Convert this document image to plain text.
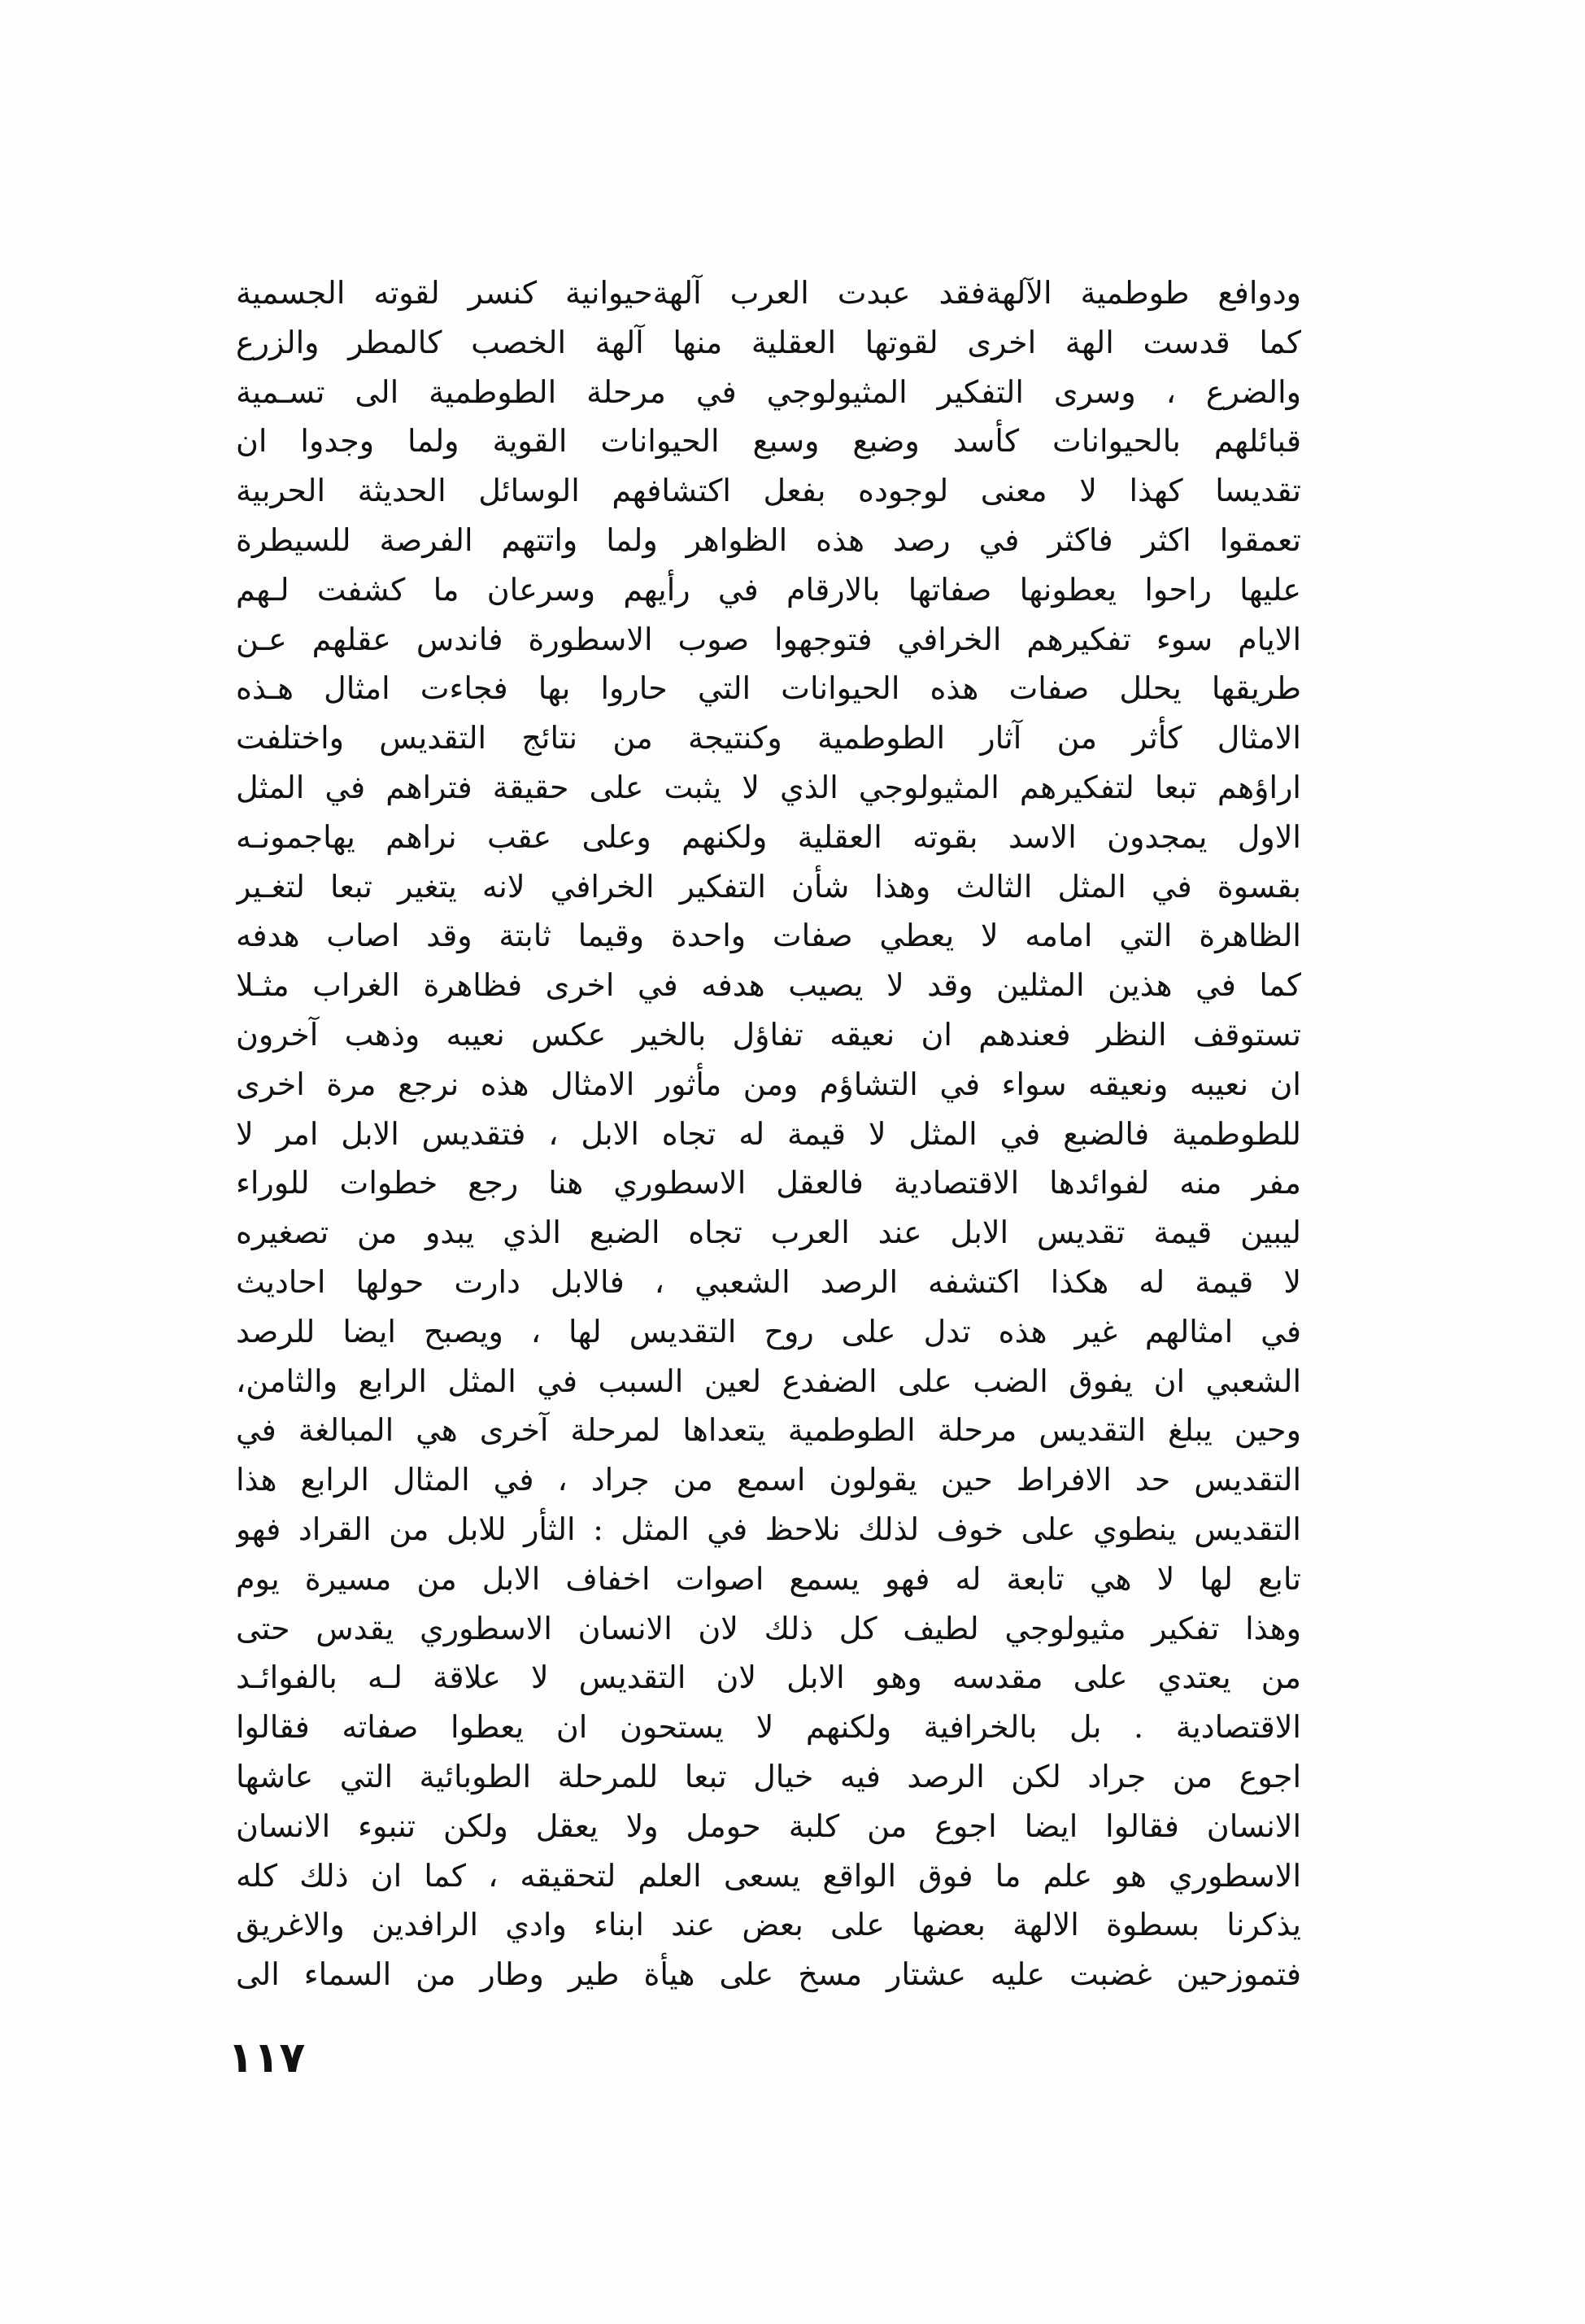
ودوافع طوطمية الآلهةفقد عبدت العرب آلهةحيوانية كنسر لقوته الجسمية
كما قدست الهة اخرى لقوتها العقلية منها آلهة الخصب كالمطر والزرع
والضرع ، وسرى التفكير المثيولوجي في مرحلة الطوطمية الى تسـمية
قبائلهم بالحيوانات كأسد وضبع وسبع الحيوانات القوية ولما وجدوا ان
تقديسا كهذا لا معنى لوجوده بفعل اكتشافهم الوسائل الحديثة الحربية
تعمقوا اكثر فاكثر في رصد هذه الظواهر ولما واتتهم الفرصة للسيطرة
عليها راحوا يعطونها صفاتها بالارقام في رأيهم وسرعان ما كشفت لـهم
الايام سوء تفكيرهم الخرافي فتوجهوا صوب الاسطورة فاندس عقلهم عـن
طريقها يحلل صفات هذه الحيوانات التي حاروا بها فجاءت امثال هـذه
الامثال كأثر من آثار الطوطمية وكنتيجة من نتائج التقديس واختلفت
اراؤهم تبعا لتفكيرهم المثيولوجي الذي لا يثبت على حقيقة فتراهم في المثل
الاول يمجدون الاسد بقوته العقلية ولكنهم وعلى عقب نراهم يهاجمونـه
بقسوة في المثل الثالث وهذا شأن التفكير الخرافي لانه يتغير تبعا لتغـير
الظاهرة التي امامه لا يعطي صفات واحدة وقيما ثابتة وقد اصاب هدفه
كما في هذين المثلين وقد لا يصيب هدفه في اخرى فظاهرة الغراب مثـلا
تستوقف النظر فعندهم ان نعيقه تفاؤل بالخير عكس نعيبه وذهب آخرون
ان نعيبه ونعيقه سواء في التشاؤم ومن مأثور الامثال هذه نرجع مرة اخرى
للطوطمية فالضبع في المثل لا قيمة له تجاه الابل ، فتقديس الابل امر لا
مفر منه لفوائدها الاقتصادية فالعقل الاسطوري هنا رجع خطوات للوراء
ليبين قيمة تقديس الابل عند العرب تجاه الضبع الذي يبدو من تصغيره
لا قيمة له هكذا اكتشفه الرصد الشعبي ، فالابل دارت حولها احاديث
في امثالهم غير هذه تدل على روح التقديس لها ، ويصبح ايضا للرصد
الشعبي ان يفوق الضب على الضفدع لعين السبب في المثل الرابع والثامن،
وحين يبلغ التقديس مرحلة الطوطمية يتعداها لمرحلة آخرى هي المبالغة في
التقديس حد الافراط حين يقولون اسمع من جراد ، في المثال الرابع هذا
التقديس ينطوي على خوف لذلك نلاحظ في المثل : الثأر للابل من القراد فهو
تابع لها لا هي تابعة له فهو يسمع اصوات اخفاف الابل من مسيرة يوم
وهذا تفكير مثيولوجي لطيف كل ذلك لان الانسان الاسطوري يقدس حتى
من يعتدي على مقدسه وهو الابل لان التقديس لا علاقة لـه بالفوائـد
الاقتصادية . بل بالخرافية ولكنهم لا يستحون ان يعطوا صفاته فقالوا
اجوع من جراد لكن الرصد فيه خيال تبعا للمرحلة الطوبائية التي عاشها
الانسان فقالوا ايضا اجوع من كلبة حومل ولا يعقل ولكن تنبوء الانسان
الاسطوري هو علم ما فوق الواقع يسعى العلم لتحقيقه ، كما ان ذلك كله
يذكرنا بسطوة الالهة بعضها على بعض عند ابناء وادي الرافدين والاغريق
فتموزحين غضبت عليه عشتار مسخ على هيأة طير وطار من السماء الى
١١٧
